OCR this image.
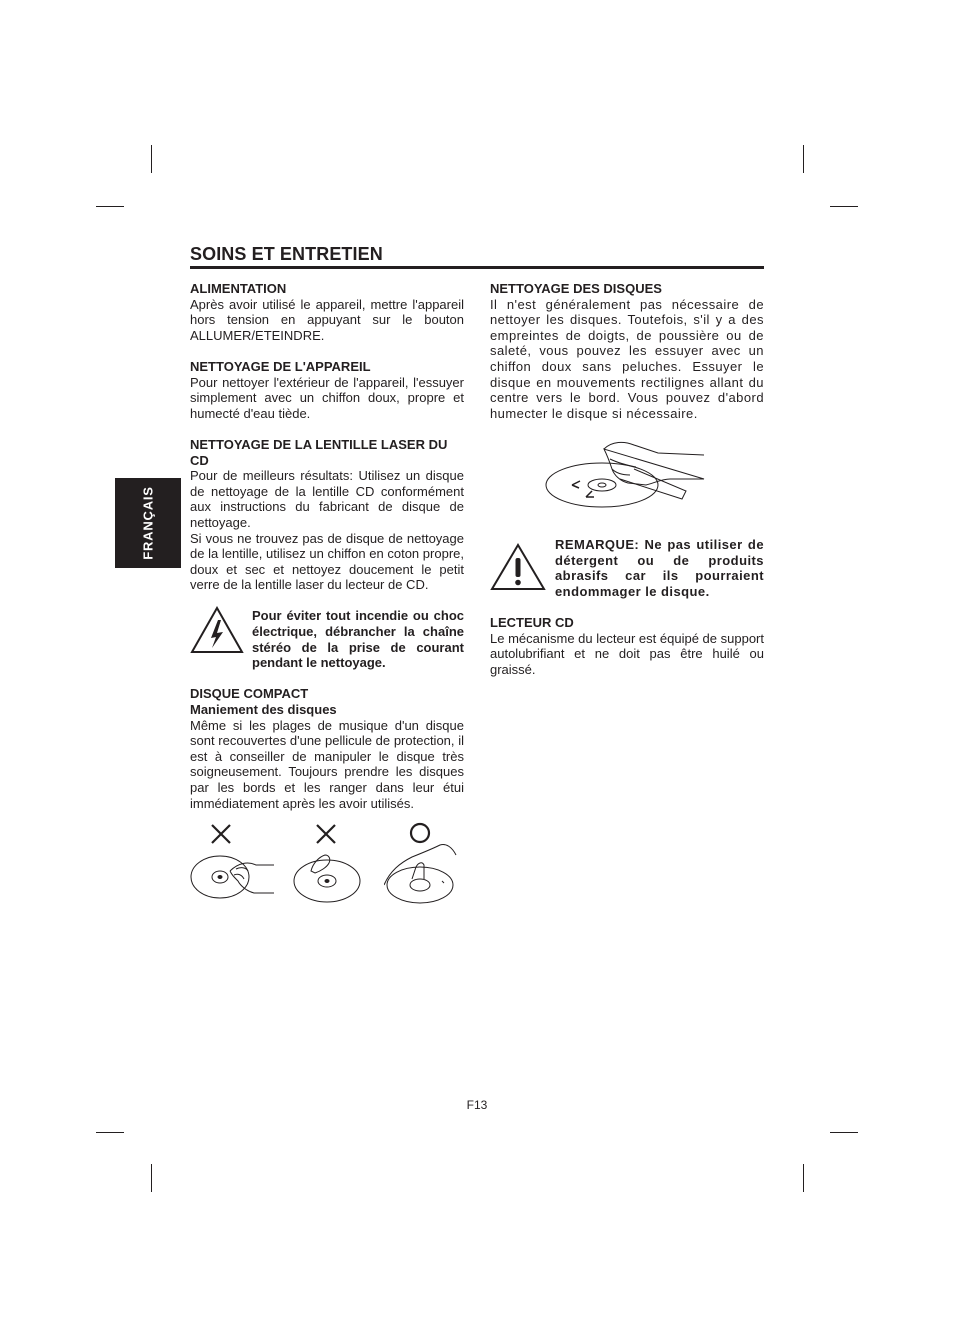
SOINS ET ENTRETIEN
FRANÇAIS
ALIMENTATION

Après avoir utilisé le appareil, mettre l'appareil hors tension en appuyant sur le bouton ALLUMER/ETEINDRE.

NETTOYAGE DE L'APPAREIL

Pour nettoyer l'extérieur de l'appareil, l'essuyer simplement avec un chiffon doux, propre et humecté d'eau tiède.

NETTOYAGE DE LA LENTILLE LASER DU CD

Pour de meilleurs résultats: Utilisez un disque de nettoyage de la lentille CD conformément aux instructions du fabricant de disque de nettoyage.

Si vous ne trouvez pas de disque de nettoyage de la lentille, utilisez un chiffon en coton propre, doux et sec et nettoyez doucement le petit verre de la lentille laser du lecteur de CD.

Pour éviter tout incendie ou choc électrique, débrancher la chaîne stéréo de la prise de courant pendant le nettoyage.
DISQUE COMPACT
Maniement des disques

Même si les plages de musique d'un disque sont recouvertes d'une pellicule de protection, il est à conseiller de manipuler le disque très soigneusement. Toujours prendre les disques par les bords et les ranger dans leur étui immédiatement après les avoir utilisés.

NETTOYAGE DES DISQUES

Il n'est généralement pas nécessaire de nettoyer les disques. Toutefois, s'il y a des empreintes de doigts, de poussière ou de saleté, vous pouvez les essuyer avec un chiffon doux sans peluches. Essuyer le disque en mouvements rectilignes allant du centre vers le bord. Vous pouvez d'abord humecter le disque si nécessaire.

REMARQUE: Ne pas utiliser de détergent ou de produits abrasifs car ils pourraient endommager le disque.
LECTEUR CD

Le mécanisme du lecteur est équipé de support autolubrifiant et ne doit pas être huilé ou graissé.

F13
